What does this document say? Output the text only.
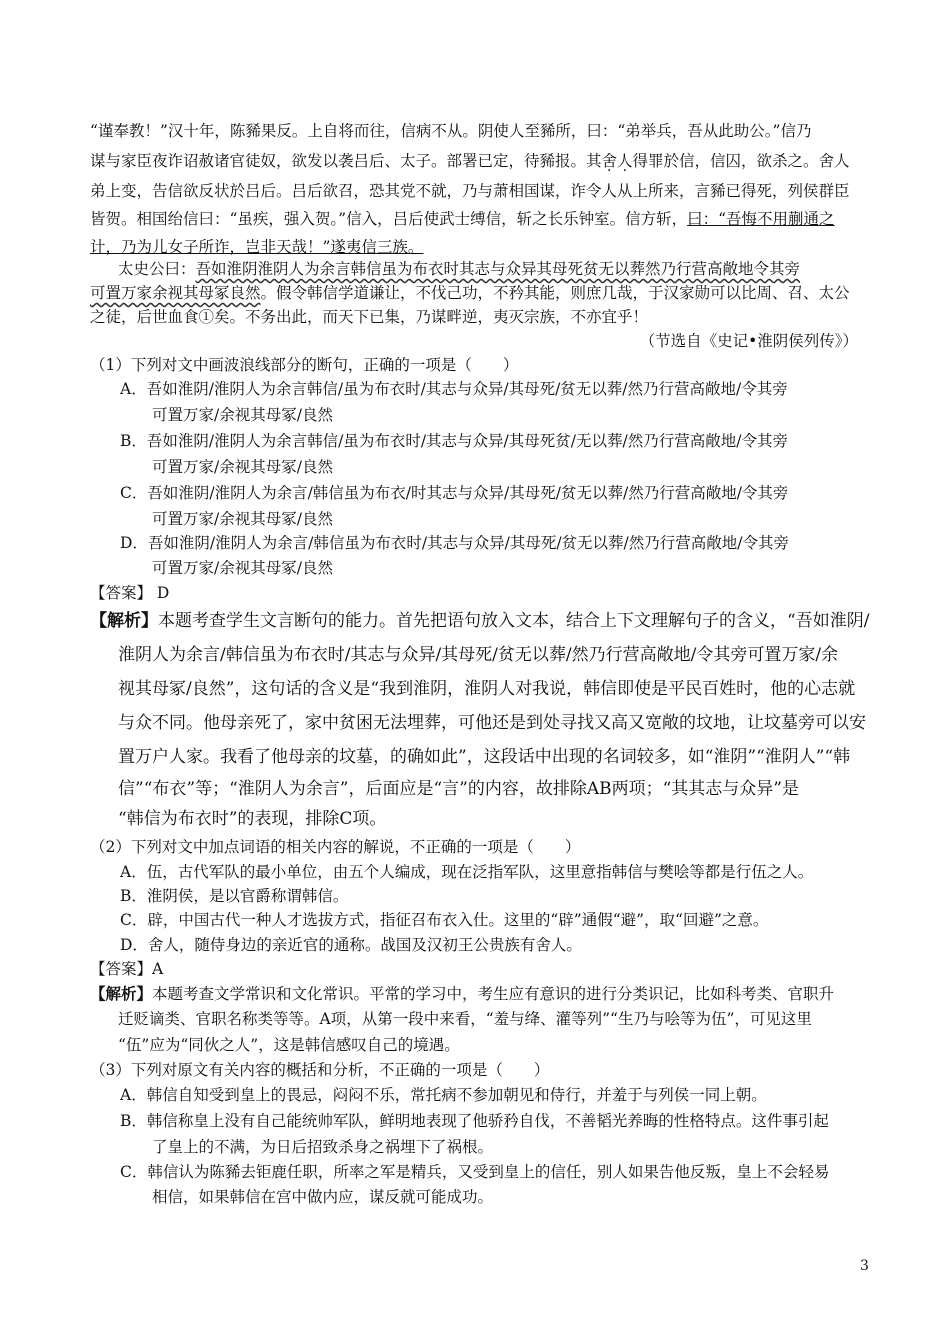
“谨奉教！”汉十年，陈豨果反。上自将而往，信病不从。阴使人至豨所，曰：“弟举兵，吾从此助公。”信乃

谋与家臣夜诈诏赦诸官徒奴，欲发以袭吕后、太子。部署已定，待豨报。其舍人得罪於信，信囚，欲杀之。舍人

弟上变，告信欲反状於吕后。吕后欲召，恐其党不就，乃与萧相国谋，诈令人从上所来，言豨已得死，列侯群臣

皆贺。相国绐信曰：“虽疾，强入贺。”信入，吕后使武士缚信，斩之长乐钟室。信方斩，曰：“吾悔不用蒯通之

计，乃为儿女子所诈，岂非天哉！”遂夷信三族。

太史公曰：吾如淮阴淮阴人为余言韩信虽为布衣时其志与众异其母死贫无以葬然乃行营高敞地令其旁

可置万家余视其母冢良然。假令韩信学道谦让，不伐己功，不矜其能，则庶几哉，于汉家勋可以比周、召、太公

之徒，后世血食①矣。不务出此，而天下已集，乃谋畔逆，夷灭宗族，不亦宜乎！

（节选自《史记•淮阴侯列传》）

（1）下列对文中画波浪线部分的断句，正确的一项是（　　）

A．吾如淮阴/淮阴人为余言韩信/虽为布衣时/其志与众异/其母死/贫无以葬/然乃行营高敞地/令其旁

可置万家/余视其母冢/良然

B．吾如淮阴/淮阴人为余言韩信/虽为布衣时/其志与众异/其母死贫/无以葬/然乃行营高敞地/令其旁

可置万家/余视其母冢/良然

C．吾如淮阴/淮阴人为余言/韩信虽为布衣/时其志与众异/其母死/贫无以葬/然乃行营高敞地/令其旁

可置万家/余视其母冢/良然

D．吾如淮阴/淮阴人为余言/韩信虽为布衣时/其志与众异/其母死/贫无以葬/然乃行营高敞地/令其旁

可置万家/余视其母冢/良然

【答案】 D

【解析】本题考查学生文言断句的能力。首先把语句放入文本，结合上下文理解句子的含义，“吾如淮阴/

淮阴人为余言/韩信虽为布衣时/其志与众异/其母死/贫无以葬/然乃行营高敞地/令其旁可置万家/余

视其母冢/良然”，这句话的含义是“我到淮阴，淮阴人对我说，韩信即使是平民百姓时，他的心志就

与众不同。他母亲死了，家中贫困无法埋葬，可他还是到处寻找又高又宽敞的坟地，让坟墓旁可以安

置万户人家。我看了他母亲的坟墓，的确如此”，这段话中出现的名词较多，如“淮阴”“淮阴人”“韩

信”“布衣”等；“淮阴人为余言”，后面应是“言”的内容，故排除AB两项；“其其志与众异”是

“韩信为布衣时”的表现，排除C项。

（2）下列对文中加点词语的相关内容的解说，不正确的一项是（　　）

A．伍，古代军队的最小单位，由五个人编成，现在泛指军队，这里意指韩信与樊哙等都是行伍之人。

B．淮阴侯，是以官爵称谓韩信。

C．辟，中国古代一种人才选拔方式，指征召布衣入仕。这里的“辟”通假“避”，取“回避”之意。

D．舍人，随侍身边的亲近官的通称。战国及汉初王公贵族有舍人。

【答案】A

【解析】本题考查文学常识和文化常识。平常的学习中，考生应有意识的进行分类识记，比如科考类、官职升

迁贬谪类、官职名称类等等。A项，从第一段中来看，“羞与绛、灌等列”“生乃与哙等为伍”，可见这里

“伍”应为“同伙之人”，这是韩信感叹自己的境遇。

（3）下列对原文有关内容的概括和分析，不正确的一项是（　　）

A．韩信自知受到皇上的畏忌，闷闷不乐，常托病不参加朝见和侍行，并羞于与列侯一同上朝。

B．韩信称皇上没有自己能统帅军队，鲜明地表现了他骄矜自伐，不善韬光养晦的性格特点。这件事引起

了皇上的不满，为日后招致杀身之祸埋下了祸根。

C．韩信认为陈豨去钜鹿任职，所率之军是精兵，又受到皇上的信任，别人如果告他反叛，皇上不会轻易

相信，如果韩信在宫中做内应，谋反就可能成功。

3
